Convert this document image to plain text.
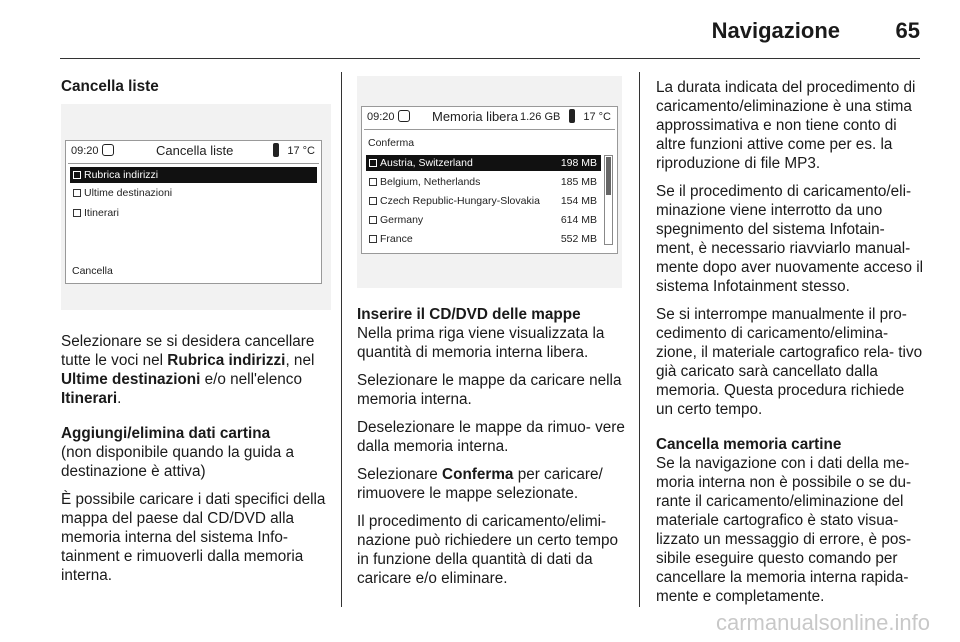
Navigazione	65
Cancella liste
09:20	Cancella liste	17 °C
Rubrica indirizzi
Ultime destinazioni
Itinerari
Cancella

Selezionare se si desidera cancellare tutte le voci nel Rubrica indirizzi, nel Ultime destinazioni e/o nell'elenco Itinerari.

Aggiungi/elimina dati cartina

(non disponibile quando la guida a destinazione è attiva)

È possibile caricare i dati specifici della mappa del paese dal CD/DVD alla memoria interna del sistema Info- tainment e rimuoverli dalla memoria interna.

09:20	Memoria libera 1.26 GB 17 °C
Conferma
Austria, Switzerland	198 MB
Belgium, Netherlands	185 MB
Czech Republic-Hungary-Slovakia 154 MB
Germany	614 MB
France	552 MB
Inserire il CD/DVD delle mappe

Nella prima riga viene visualizzata la quantità di memoria interna libera.

Selezionare le mappe da caricare nella memoria interna.

Deselezionare le mappe da rimuo- vere dalla memoria interna.

Selezionare Conferma per caricare/ rimuovere le mappe selezionate.

Il procedimento di caricamento/elimi- nazione può richiedere un certo tempo in funzione della quantità di dati da caricare e/o eliminare.

La durata indicata del procedimento di caricamento/eliminazione è una stima approssimativa e non tiene conto di altre funzioni attive come per es. la riproduzione di file MP3.

Se il procedimento di caricamento/eli- minazione viene interrotto da uno spegnimento del sistema Infotain- ment, è necessario riavviarlo manual- mente dopo aver nuovamente acceso il sistema Infotainment stesso.

Se si interrompe manualmente il pro- cedimento di caricamento/elimina- zione, il materiale cartografico rela- tivo già caricato sarà cancellato dalla memoria. Questa procedura richiede un certo tempo.

Cancella memoria cartine

Se la navigazione con i dati della me- moria interna non è possibile o se du- rante il caricamento/eliminazione del materiale cartografico è stato visua- lizzato un messaggio di errore, è pos- sibile eseguire questo comando per cancellare la memoria interna rapida- mente e completamente.

carmanualsonline.info
